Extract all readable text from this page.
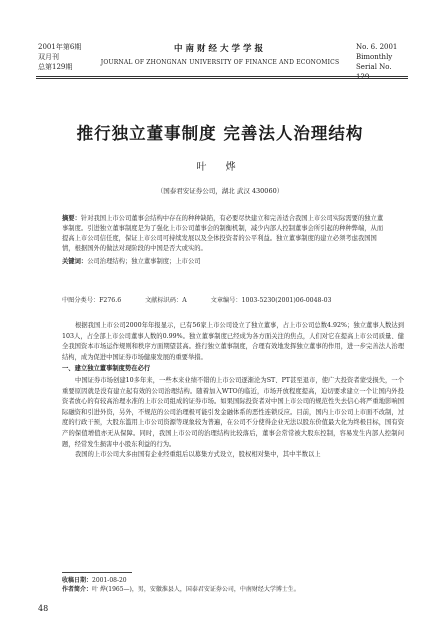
2001年第6期
双月刊
总第129期
中南财经大学学报
JOURNAL OF ZHONGNAN UNIVERSITY OF FINANCE AND ECONOMICS
No. 6. 2001
Bimonthly
Serial No. 129
推行独立董事制度 完善法人治理结构
叶 烨
（国泰君安证券公司，湖北 武汉 430060）
摘要：针对我国上市公司董事会结构中存在的种种缺陷，有必要尽快建立和完善适合我国上市公司实际需要的独立董事制度。引进独立董事制度是为了强化上市公司董事会的制衡机制，减少内部人控制董事会所引起的种种弊端，从而提高上市公司信任度，保证上市公司可持续发展以及全体投资者的公平利益。独立董事制度的建立必须考虑我国国情，根据国外的做法对现阶段的中国是否大或实的。
关键词：公司治理结构；独立董事制度；上市公司
中图分类号：F276.6	文献标识码：A	文章编号：1003-5230(2001)06-0048-03

根据我国上市公司2000年年报显示，已有56家上市公司设立了独立董事，占上市公司总数4.92%；独立董事人数达到103人，占全部上市公司董事人数的0.99%。独立董事制度已经成为各方面关注的焦点，人们对它在提高上市公司质量、健全我国资本市场运作规则和秩序方面期望甚高。推行独立董事制度，合理有效地发挥独立董事的作用，进一步完善法人治理结构，成为促进中国证券市场健康发展的重要举措。

一、建立独立董事制度势在必行

中国证券市场创建10多年来，一些本来业绩不错的上市公司逐渐沦为ST、PT甚至退市，使广大投资者蒙受损失，一个重要原因就是没有建立起有效的公司治理结构。随着加入WTO的临近，市场开放程度提高，迫切要求建立一个让国内外投资者放心的有较高治理水准的上市公司组成的证券市场。如果国际投资者对中国上市公司的规范性失去信心将严重地影响国际融资和引进外资，另外，不规范的公司治理极可能引发金融体系的恶性连锁反应。目前，国内上市公司上市面不改制，过度的行政干预，大股东滥用上市公司资源等现象较为普遍，在公司不分使得企业无法以股东价值最大化为终极目标，国有资产的保值增值亦无从保障。同时，我国上市公司的治理结构比较落后，董事会常常被大股东控制，容易发生内部人控制问题，经常发生损害中小股东利益的行为。

我国的上市公司大多由国有企业经重组后以募集方式设立，股权相对集中，其中半数以上

收稿日期：2001-08-20
作者简介：叶 烨(1965—)，男，安徽淮县人，国泰君安证券公司，中南财经大学博士生。
48
